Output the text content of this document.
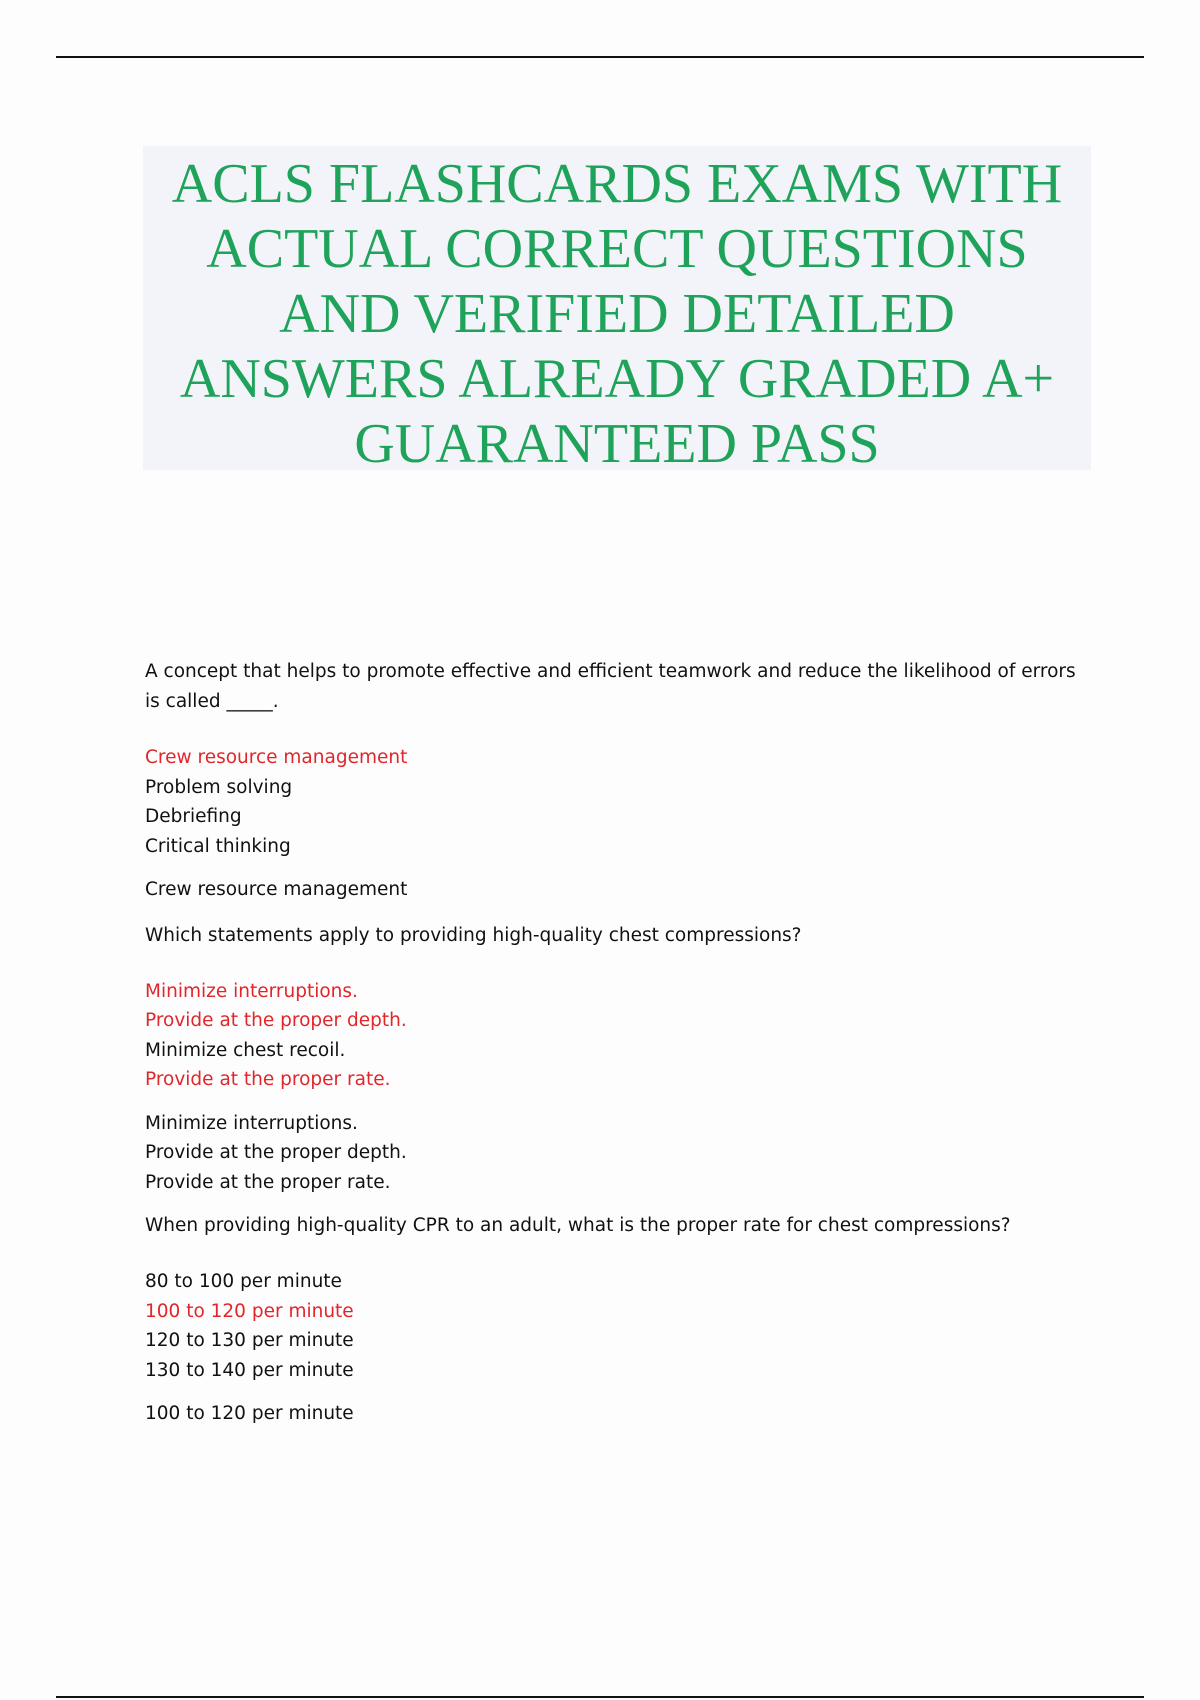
ACLS FLASHCARDS EXAMS WITH
ACTUAL CORRECT QUESTIONS
AND VERIFIED DETAILED
ANSWERS ALREADY GRADED A+
GUARANTEED PASS
A concept that helps to promote effective and efficient teamwork and reduce the likelihood of errors is called _____.
Crew resource management
Problem solving
Debriefing
Critical thinking
Crew resource management
Which statements apply to providing high-quality chest compressions?
Minimize interruptions.
Provide at the proper depth.
Minimize chest recoil.
Provide at the proper rate.
Minimize interruptions.
Provide at the proper depth.
Provide at the proper rate.
When providing high-quality CPR to an adult, what is the proper rate for chest compressions?
80 to 100 per minute
100 to 120 per minute
120 to 130 per minute
130 to 140 per minute
100 to 120 per minute
